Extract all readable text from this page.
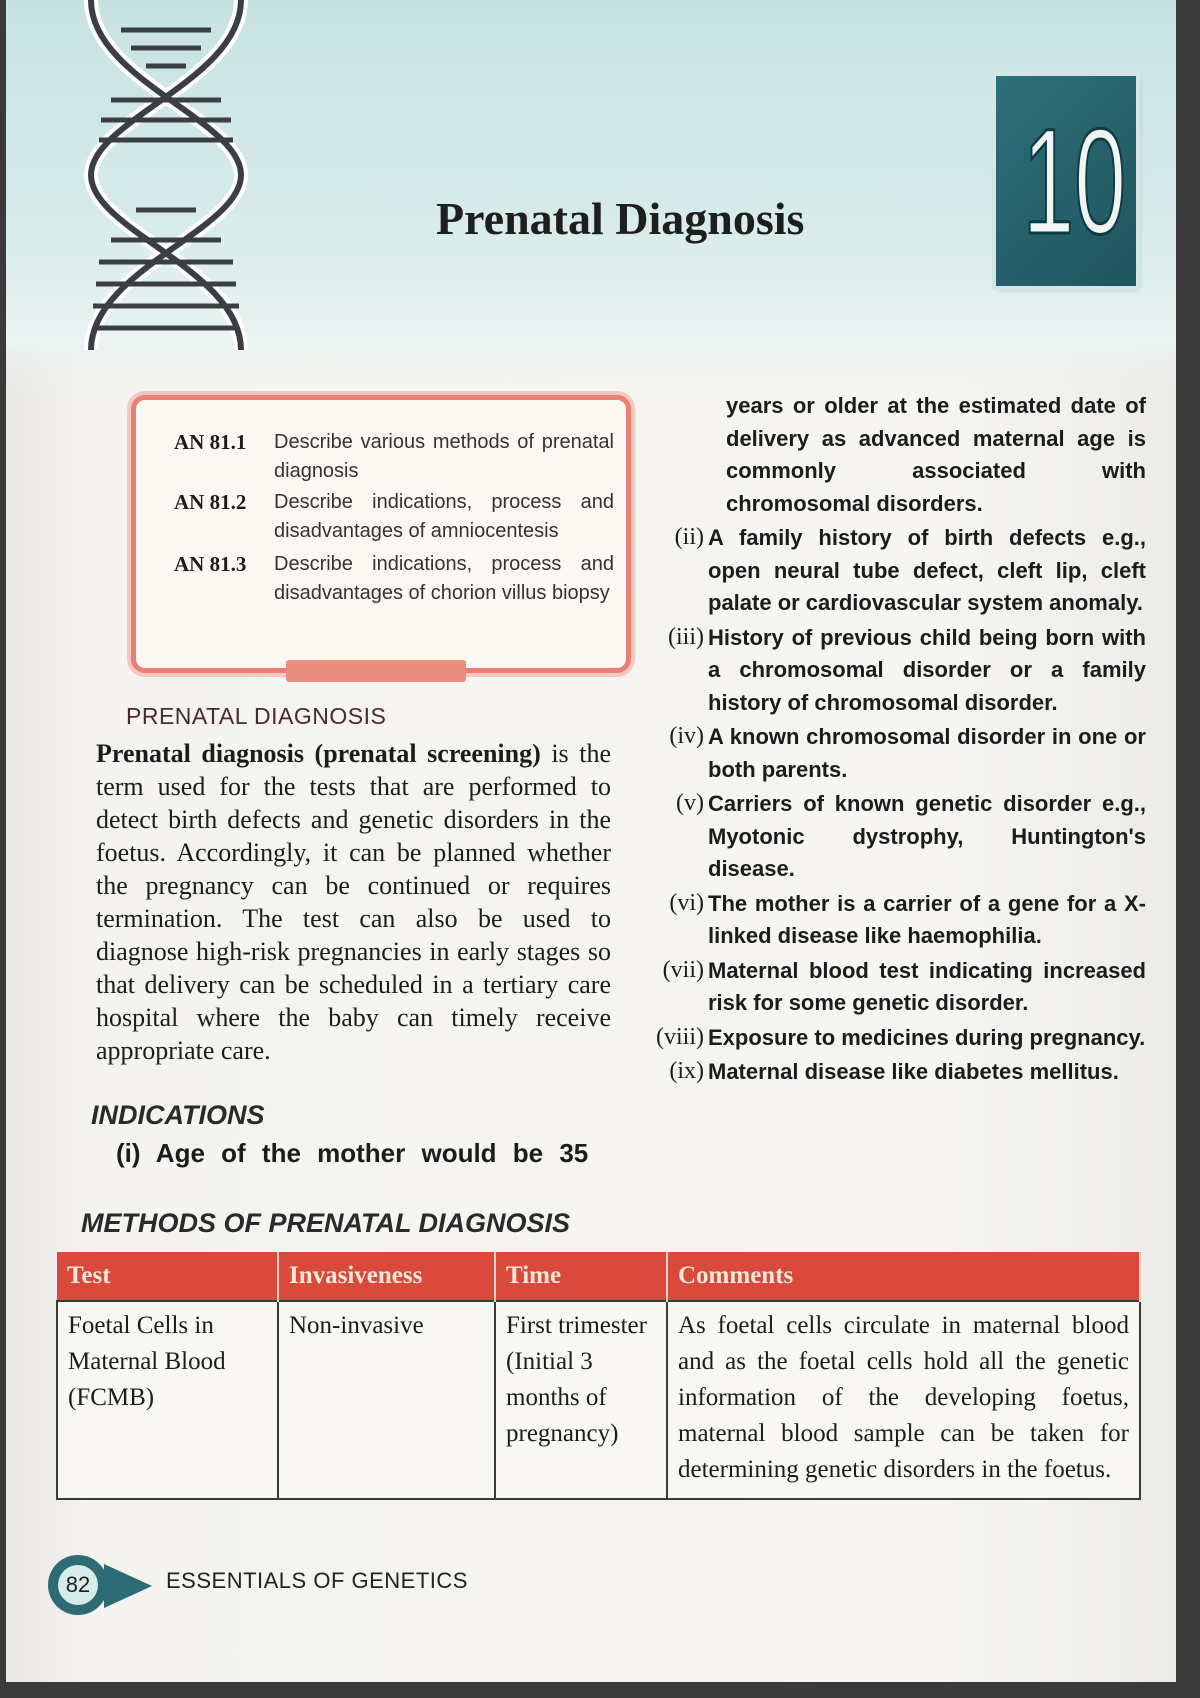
Prenatal Diagnosis	10
AN 81.1	Describe various methods of prenatal diagnosis
AN 81.2	Describe indications, process and disadvantages of amniocentesis
AN 81.3	Describe indications, process and disadvantages of chorion villus biopsy
PRENATAL DIAGNOSIS
Prenatal diagnosis (prenatal screening) is the term used for the tests that are performed to detect birth defects and genetic disorders in the foetus. Accordingly, it can be planned whether the pregnancy can be continued or requires termination. The test can also be used to diagnose high-risk pregnancies in early stages so that delivery can be scheduled in a tertiary care hospital where the baby can timely receive appropriate care.
INDICATIONS
(i) Age of the mother would be 35
years or older at the estimated date of delivery as advanced maternal age is commonly associated with chromosomal disorders.
(ii) A family history of birth defects e.g., open neural tube defect, cleft lip, cleft palate or cardiovascular system anomaly.
(iii) History of previous child being born with a chromosomal disorder or a family history of chromosomal disorder.
(iv) A known chromosomal disorder in one or both parents.
(v) Carriers of known genetic disorder e.g., Myotonic dystrophy, Huntington's disease.
(vi) The mother is a carrier of a gene for a X-linked disease like haemophilia.
(vii) Maternal blood test indicating increased risk for some genetic disorder.
(viii) Exposure to medicines during pregnancy.
(ix) Maternal disease like diabetes mellitus.
METHODS OF PRENATAL DIAGNOSIS
Test	Invasiveness	Time	Comments
Foetal Cells in Maternal Blood (FCMB)	Non-invasive	First trimester (Initial 3 months of pregnancy)	As foetal cells circulate in maternal blood and as the foetal cells hold all the genetic information of the developing foetus, maternal blood sample can be taken for determining genetic disorders in the foetus.
82	ESSENTIALS OF GENETICS
